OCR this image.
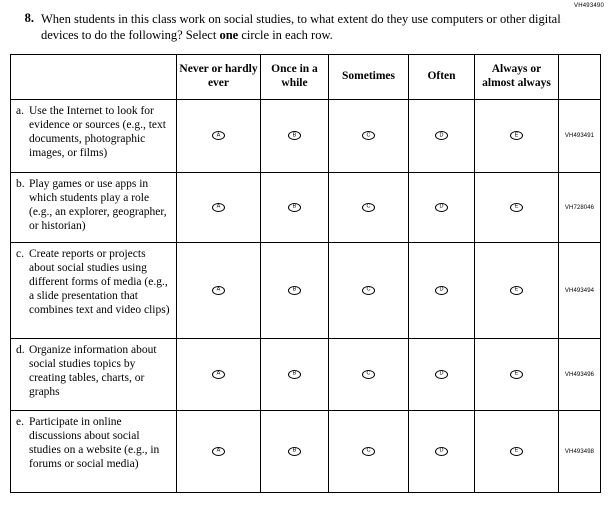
VH493490
8. When students in this class work on social studies, to what extent do they use computers or other digital devices to do the following? Select one circle in each row.
	Never or hardly ever	Once in a while	Sometimes	Often	Always or almost always	

a. Use the Internet to look for evidence or sources (e.g., text documents, photographic images, or films)	A	B	C	D	E	VH493491

b. Play games or use apps in which students play a role (e.g., an explorer, geographer, or historian)	A	B	C	D	E	VH728046

c. Create reports or projects about social studies using different forms of media (e.g., a slide presentation that combines text and video clips)	A	B	C	D	E	VH493494

d. Organize information about social studies topics by creating tables, charts, or graphs	A	B	C	D	E	VH493496

e. Participate in online discussions about social studies on a website (e.g., in forums or social media)	A	B	C	D	E	VH493498
